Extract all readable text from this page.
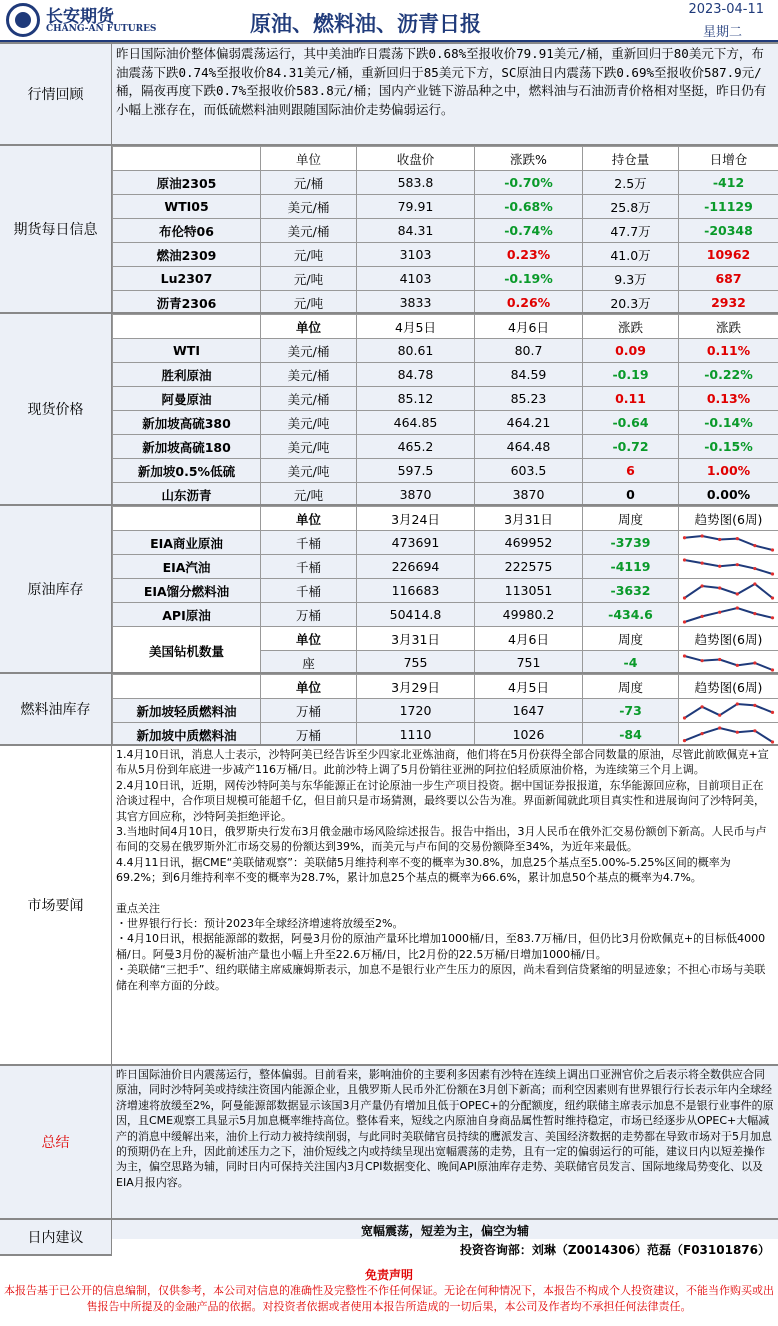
长安期货
CHANG-AN FUTURES	原油、燃料油、沥青日报
2023-04-11
星期二
行情回顾
昨日国际油价整体偏弱震荡运行，其中美油昨日震荡下跌0.68%至报收价79.91美元/桶，重新回归于80美元下方，布油震荡下跌0.74%至报收价84.31美元/桶，重新回归于85美元下方，SC原油日内震荡下跌0.69%至报收价587.9元/桶，隔夜再度下跌0.7%至报收价583.8元/桶；国内产业链下游品种之中，燃料油与石油沥青价格相对坚挺，昨日仍有小幅上涨存在，而低硫燃料油则跟随国际油价走势偏弱运行。
期货每日信息
	单位	收盘价	涨跌%	持仓量	日增仓
原油2305	元/桶	583.8	-0.70%	2.5万	-412
WTI05	美元/桶	79.91	-0.68%	25.8万	-11129
布伦特06	美元/桶	84.31	-0.74%	47.7万	-20348
燃油2309	元/吨	3103	0.23%	41.0万	10962
Lu2307	元/吨	4103	-0.19%	9.3万	687
沥青2306	元/吨	3833	0.26%	20.3万	2932
现货价格
	单位	4月5日	4月6日	涨跌	涨跌
WTI	美元/桶	80.61	80.7	0.09	0.11%
胜利原油	美元/桶	84.78	84.59	-0.19	-0.22%
阿曼原油	美元/桶	85.12	85.23	0.11	0.13%
新加坡高硫380	美元/吨	464.85	464.21	-0.64	-0.14%
新加坡高硫180	美元/吨	465.2	464.48	-0.72	-0.15%
新加坡0.5%低硫	美元/吨	597.5	603.5	6	1.00%
山东沥青	元/吨	3870	3870	0	0.00%
原油库存
	单位	3月24日	3月31日	周度	趋势图(6周)
EIA商业原油	千桶	473691	469952	-3739	

EIA汽油	千桶	226694	222575	-4119	

EIA馏分燃料油	千桶	116683	113051	-3632	

API原油	万桶	50414.8	49980.2	-434.6	

美国钻机数量	单位	3月31日	4月6日	周度	趋势图(6周)
	座	755	751	-4	
燃料油库存
	单位	3月29日	4月5日	周度	趋势图(6周)
新加坡轻质燃料油	万桶	1720	1647	-73	

新加坡中质燃料油	万桶	1110	1026	-84	
市场要闻
1.4月10日讯，消息人士表示，沙特阿美已经告诉至少四家北亚炼油商，他们将在5月份获得全部合同数量的原油，尽管此前欧佩克+宣布从5月份到年底进一步减产116万桶/日。此前沙特上调了5月份销往亚洲的阿拉伯轻质原油价格，为连续第三个月上调。
2.4月10日讯，近期，网传沙特阿美与东华能源正在讨论原油一步生产项目投资。据中国证券报报道，东华能源回应称，目前项目正在洽谈过程中，合作项目规模可能超千亿，但目前只是市场猜测，最终要以公告为准。界面新闻就此项目真实性和进展询问了沙特阿美，其官方回应称，沙特阿美拒绝评论。
3.当地时间4月10日，俄罗斯央行发布3月俄金融市场风险综述报告。报告中指出，3月人民币在俄外汇交易份额创下新高。人民币与卢布间的交易在俄罗斯外汇市场交易的份额达到39%，而美元与卢布间的交易份额降至34%，为近年来最低。
4.4月11日讯，据CME“美联储观察”：美联储5月维持利率不变的概率为30.8%，加息25个基点至5.00%-5.25%区间的概率为69.2%；到6月维持利率不变的概率为28.7%，累计加息25个基点的概率为66.6%，累计加息50个基点的概率为4.7%。
重点关注
・世界银行行长：预计2023年全球经济增速将放缓至2%。
・4月10日讯，根据能源部的数据，阿曼3月份的原油产量环比增加1000桶/日，至83.7万桶/日，但仍比3月份欧佩克+的目标低4000桶/日。阿曼3月份的凝析油产量也小幅上升至22.6万桶/日，比2月份的22.5万桶/日增加1000桶/日。
・美联储“三把手”、纽约联储主席威廉姆斯表示，加息不是银行业产生压力的原因，尚未看到信贷紧缩的明显迹象；不担心市场与美联储在利率方面的分歧。
总结
昨日国际油价日内震荡运行，整体偏弱。目前看来，影响油价的主要利多因素有沙特在连续上调出口亚洲官价之后表示将全数供应合同原油，同时沙特阿美或持续注资国内能源企业，且俄罗斯人民币外汇份额在3月创下新高；而利空因素则有世界银行行长表示年内全球经济增速将放缓至2%，阿曼能源部数据显示该国3月产量仍有增加且低于OPEC+的分配额度，纽约联储主席表示加息不是银行业事件的原因，且CME观察工具显示5月加息概率维持高位。整体看来，短线之内原油自身商品属性暂时维持稳定，市场已经逐步从OPEC+大幅减产的消息中缓解出来，油价上行动力被持续削弱，与此同时美联储官员持续的鹰派发言、美国经济数据的走势都在导致市场对于5月加息的预期仍在上升，因此前述压力之下，油价短线之内或持续呈现出宽幅震荡的走势，且有一定的偏弱运行的可能，建议日内以短差操作为主，偏空思路为辅，同时日内可保持关注国内3月CPI数据变化、晚间API原油库存走势、美联储官员发言、国际地缘局势变化、以及EIA月报内容。
日内建议	宽幅震荡，短差为主，偏空为辅
投资咨询部：刘琳（Z0014306）范磊（F03101876）
免责声明
本报告基于已公开的信息编制，仅供参考，本公司对信息的准确性及完整性不作任何保证。无论在何种情况下，本报告不构成个人投资建议，不能当作购买或出售报告中所提及的金融产品的依据。对投资者依据或者使用本报告所造成的一切后果，本公司及作者均不承担任何法律责任。
